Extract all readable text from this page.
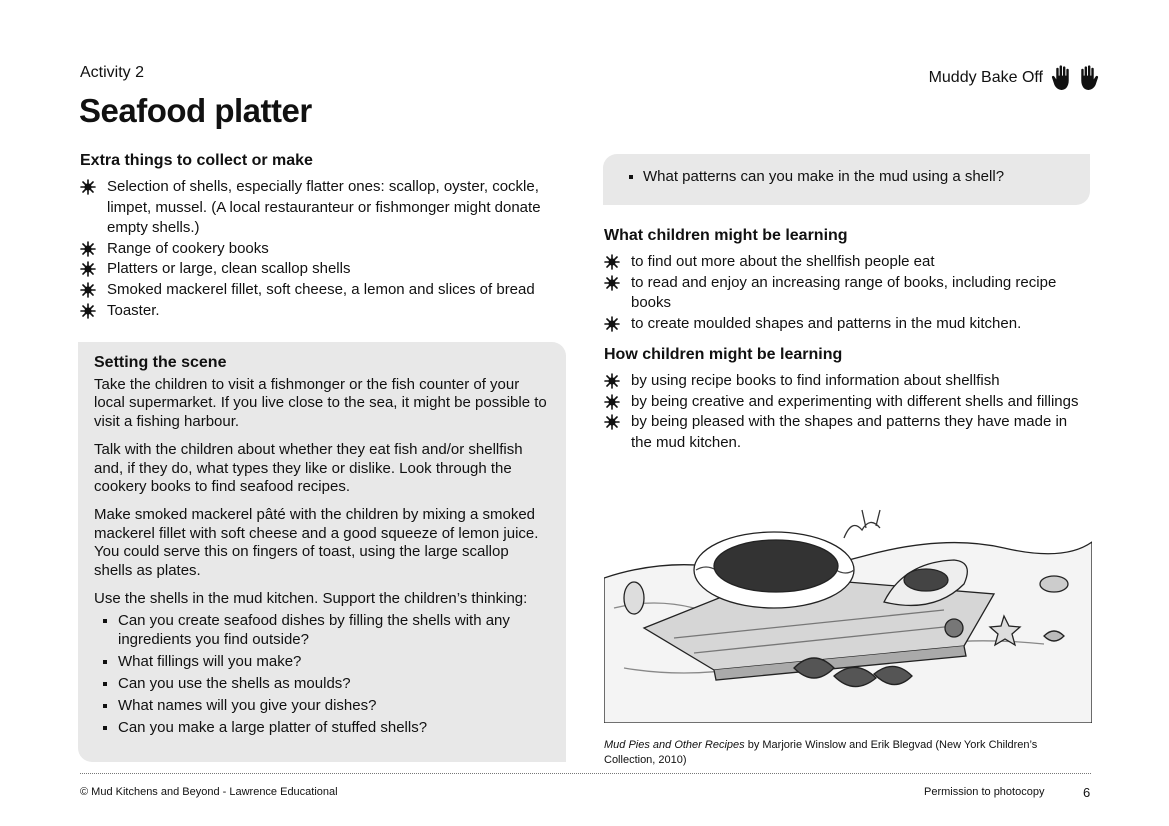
Activity 2	Muddy Bake Off
Seafood platter
Extra things to collect or make
Selection of shells, especially flatter ones: scallop, oyster, cockle, limpet, mussel. (A local restauranteur or fishmonger might donate empty shells.)
Range of cookery books
Platters or large, clean scallop shells
Smoked mackerel fillet, soft cheese, a lemon and slices of bread
Toaster.
Setting the scene

Take the children to visit a fishmonger or the fish counter of your local supermarket. If you live close to the sea, it might be possible to visit a fishing harbour.

Talk with the children about whether they eat fish and/or shellfish and, if they do, what types they like or dislike. Look through the cookery books to find seafood recipes.

Make smoked mackerel pâté with the children by mixing a smoked mackerel fillet with soft cheese and a good squeeze of lemon juice. You could serve this on fingers of toast, using the large scallop shells as plates.

Use the shells in the mud kitchen. Support the children’s thinking:

Can you create seafood dishes by filling the shells with any ingredients you find outside?
What fillings will you make?
Can you use the shells as moulds?
What names will you give your dishes?
Can you make a large platter of stuffed shells?
What patterns can you make in the mud using a shell?
What children might be learning
to find out more about the shellfish people eat
to read and enjoy an increasing range of books, including recipe books
to create moulded shapes and patterns in the mud kitchen.
How children might be learning
by using recipe books to find information about shellfish
by being creative and experimenting with different shells and fillings
by being pleased with the shapes and patterns they have made in the mud kitchen.
Mud Pies and Other Recipes by Marjorie Winslow and Erik Blegvad (New York Children’s Collection, 2010)
© Mud Kitchens and Beyond - Lawrence Educational	Permission to photocopy	6
